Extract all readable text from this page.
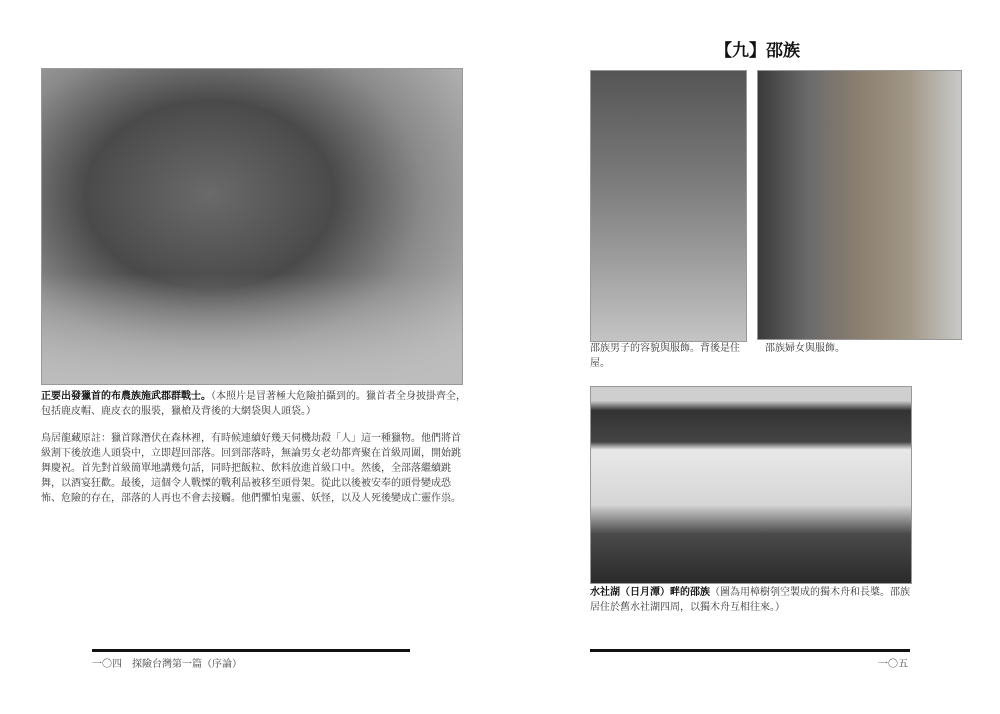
正要出發獵首的布農族施武郡群戰士。（本照片是冒著極大危險拍攝到的。獵首者全身披掛齊全，包括鹿皮帽、鹿皮衣的服裝，獵槍及背後的大網袋與人頭袋。）
鳥居龍藏原註：獵首隊潛伏在森林裡，有時候連續好幾天伺機劫殺「人」這一種獵物。他們將首級割下後放進人頭袋中，立即趕回部落。回到部落時，無論男女老幼都齊聚在首級周圍，開始跳舞慶祝。首先對首級簡單地講幾句話，同時把飯粒、飲料放進首級口中。然後，全部落繼續跳舞，以酒宴狂歡。最後，這個令人戰慄的戰利品被移至頭骨架。從此以後被安奉的頭骨變成恐怖、危險的存在，部落的人再也不會去接觸。他們懼怕鬼靈、妖怪，以及人死後變成亡靈作祟。
一〇四　探險台灣第一篇（序論）
【九】邵族
邵族男子的容貌與服飾。背後是住屋。
邵族婦女與服飾。
水社湖（日月潭）畔的邵族（圖為用樟樹刳空製成的獨木舟和長槳。邵族居住於舊水社湖四周，以獨木舟互相往來。）
一〇五
